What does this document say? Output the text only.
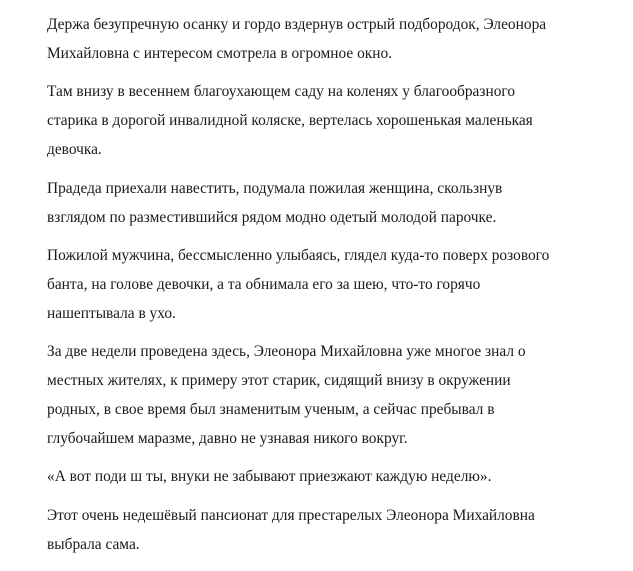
Держа безупречную осанку и гордо вздернув острый подбородок, Элеонора
Михайловна с интересом смотрела в огромное окно.

Там внизу в весеннем благоухающем саду на коленях у благообразного
старика в дорогой инвалидной коляске, вертелась хорошенькая маленькая
девочка.

Прадеда приехали навестить, подумала пожилая женщина, скользнув
взглядом по разместившийся рядом модно одетый молодой парочке.

Пожилой мужчина, бессмысленно улыбаясь, глядел куда-то поверх розового
банта, на голове девочки, а та обнимала его за шею, что-то горячо
нашептывала в ухо.

За две недели проведена здесь, Элеонора Михайловна уже многое знал о
местных жителях, к примеру этот старик, сидящий внизу в окружении
родных, в свое время был знаменитым ученым, а сейчас пребывал в
глубочайшем маразме, давно не узнавая никого вокруг.

«А вот поди ш ты, внуки не забывают приезжают каждую неделю».

Этот очень недешёвый пансионат для престарелых Элеонора Михайловна
выбрала сама.
